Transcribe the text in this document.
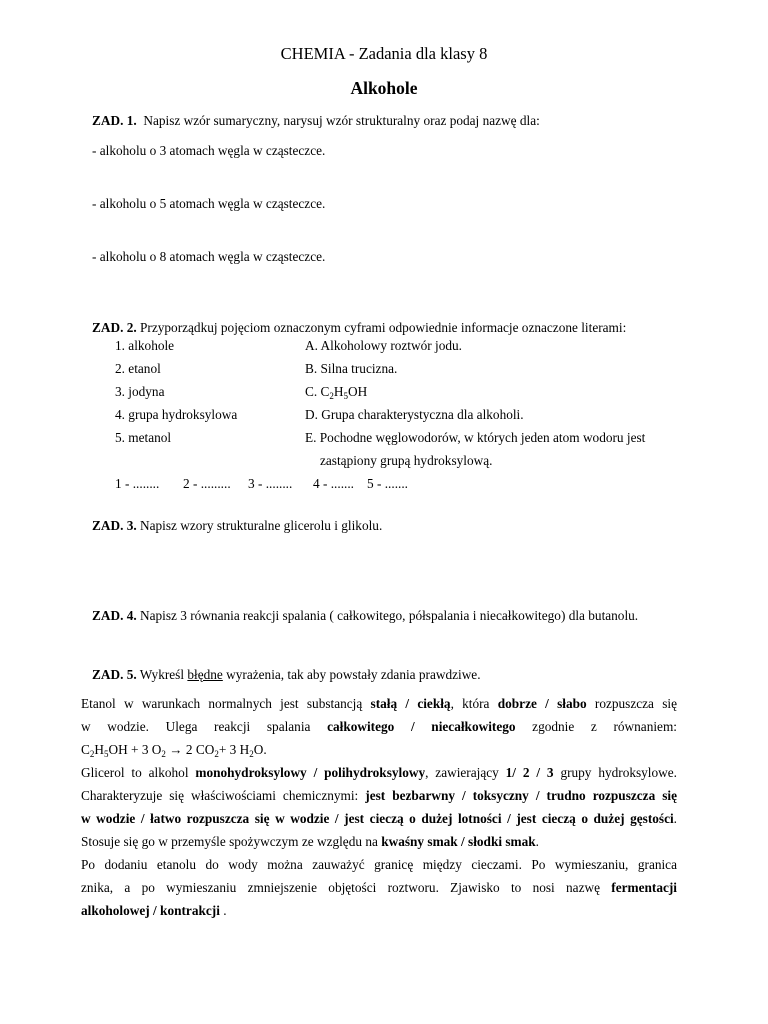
CHEMIA - Zadania dla klasy 8
Alkohole
ZAD. 1. Napisz wzór sumaryczny, narysuj wzór strukturalny oraz podaj nazwę dla:
- alkoholu o 3 atomach węgla w cząsteczce.
- alkoholu o 5 atomach węgla w cząsteczce.
- alkoholu o 8 atomach węgla w cząsteczce.
ZAD. 2. Przyporządkuj pojęciom oznaczonym cyframi odpowiednie informacje oznaczone literami:
1. alkohole
2. etanol
3. jodyna
4. grupa hydroksylowa
5. metanol
A. Alkoholowy roztwór jodu.
B. Silna trucizna.
C. $C_2H_5OH$
D. Grupa charakterystyczna dla alkoholi.
E. Pochodne węglowodorów, w których jeden atom wodoru jest
zastąpiony grupą hydroksylową.
1 - ........ 2 - ......... 3 - ........ 4 - ....... 5 - .......
ZAD. 3. Napisz wzory strukturalne glicerolu i glikolu.
ZAD. 4. Napisz 3 równania reakcji spalania ( całkowitego, półspalania i niecałkowitego) dla butanolu.
ZAD. 5. Wykreśl błędne wyrażenia, tak aby powstały zdania prawdziwe.
Etanol w warunkach normalnych jest substancją stałą / ciekłą, która dobrze / słabo rozpuszcza się
w wodzie. Ulega reakcji spalania całkowitego / niecałkowitego zgodnie z równaniem:
$C_2H_5OH + 3$ $O_2 \to 2$ $CO_2+ 3$ $H_2O$.
Glicerol to alkohol monohydroksylowy / polihydroksylowy, zawierający 1/ 2 / 3 grupy hydroksylowe.
Charakteryzuje się właściwościami chemicznymi: jest bezbarwny / toksyczny / trudno rozpuszcza się
w wodzie / łatwo rozpuszcza się w wodzie / jest cieczą o dużej lotności / jest cieczą o dużej gęstości.
Stosuje się go w przemyśle spożywczym ze względu na kwaśny smak / słodki smak.
Po dodaniu etanolu do wody można zauważyć granicę między cieczami. Po wymieszaniu, granica
znika, a po wymieszaniu zmniejszenie objętości roztworu. Zjawisko to nosi nazwę fermentacji
alkoholowej / kontrakcji .
